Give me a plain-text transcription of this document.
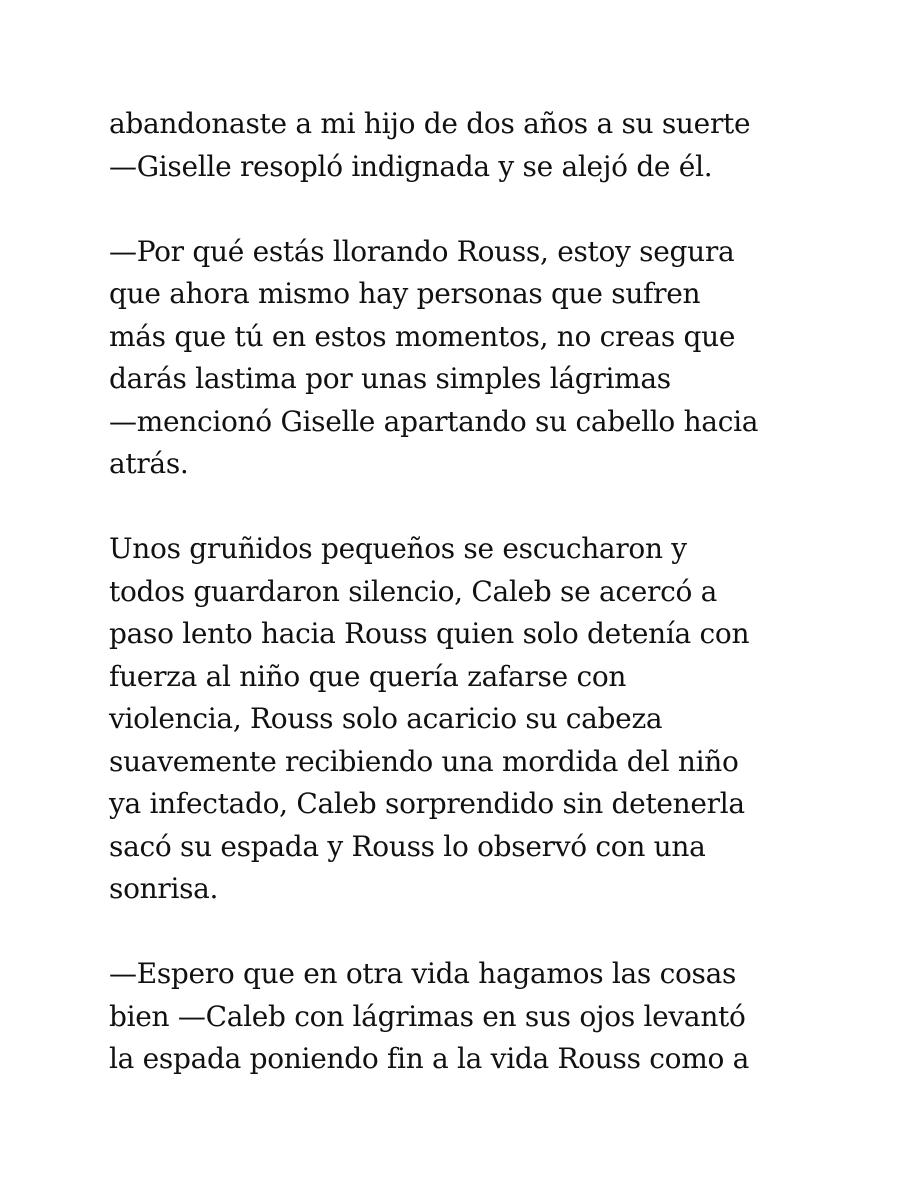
abandonaste a mi hijo de dos años a su suerte
—Giselle resopló indignada y se alejó de él.

—Por qué estás llorando Rouss, estoy segura
que ahora mismo hay personas que sufren
más que tú en estos momentos, no creas que
darás lastima por unas simples lágrimas
—mencionó Giselle apartando su cabello hacia
atrás.

Unos gruñidos pequeños se escucharon y
todos guardaron silencio, Caleb se acercó a
paso lento hacia Rouss quien solo detenía con
fuerza al niño que quería zafarse con
violencia, Rouss solo acaricio su cabeza
suavemente recibiendo una mordida del niño
ya infectado, Caleb sorprendido sin detenerla
sacó su espada y Rouss lo observó con una
sonrisa.

—Espero que en otra vida hagamos las cosas
bien —Caleb con lágrimas en sus ojos levantó
la espada poniendo fin a la vida Rouss como a
